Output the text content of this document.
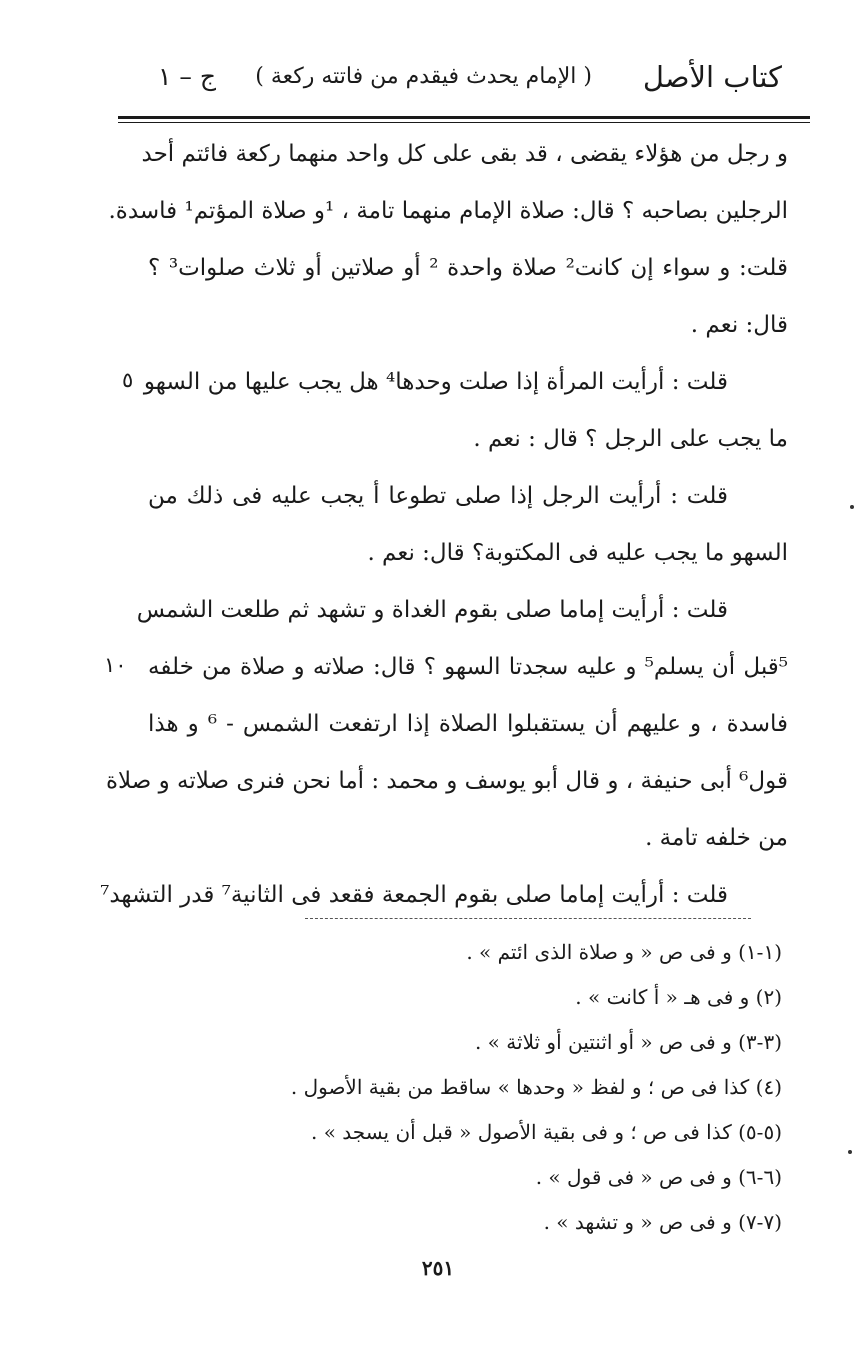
كتاب الأصل
( الإمام يحدث فيقدم من فاتته ركعة )
ج – ١
و رجل من هؤلاء يقضى ، قد بقى على كل واحد منهما ركعة فائتم أحد
الرجلين بصاحبه ؟ قال: صلاة الإمام منهما تامة ، ¹و صلاة المؤتم¹ فاسدة.
قلت: و سواء إن كانت² صلاة واحدة ² أو صلاتين أو ثلاث صلوات³ ؟
قال: نعم .
قلت : أرأيت المرأة إذا صلت وحدها⁴ هل يجب عليها من السهو
ما يجب على الرجل ؟ قال : نعم .
قلت : أرأيت الرجل إذا صلى تطوعا أ يجب عليه فى ذلك من
السهو ما يجب عليه فى المكتوبة؟ قال: نعم .
قلت : أرأيت إماما صلى بقوم الغداة و تشهد ثم طلعت الشمس
⁵قبل أن يسلم⁵ و عليه سجدتا السهو ؟ قال: صلاته و صلاة من خلفه
فاسدة ، و عليهم أن يستقبلوا الصلاة إذا ارتفعت الشمس - ⁶ و هذا
قول⁶ أبى حنيفة ، و قال أبو يوسف و محمد : أما نحن فنرى صلاته و صلاة
من خلفه تامة .
قلت : أرأيت إماما صلى بقوم الجمعة فقعد فى الثانية⁷ قدر التشهد⁷
٥
١٠
(١-١) و فى ص « و صلاة الذى ائتم » .
(٢) و فى هـ « أ كانت » .
(٣-٣) و فى ص « أو اثنتين أو ثلاثة » .
(٤) كذا فى ص ؛ و لفظ « وحدها » ساقط من بقية الأصول .
(٥-٥) كذا فى ص ؛ و فى بقية الأصول « قبل أن يسجد » .
(٦-٦) و فى ص « فى قول » .
(٧-٧) و فى ص « و تشهد » .
٢٥١
